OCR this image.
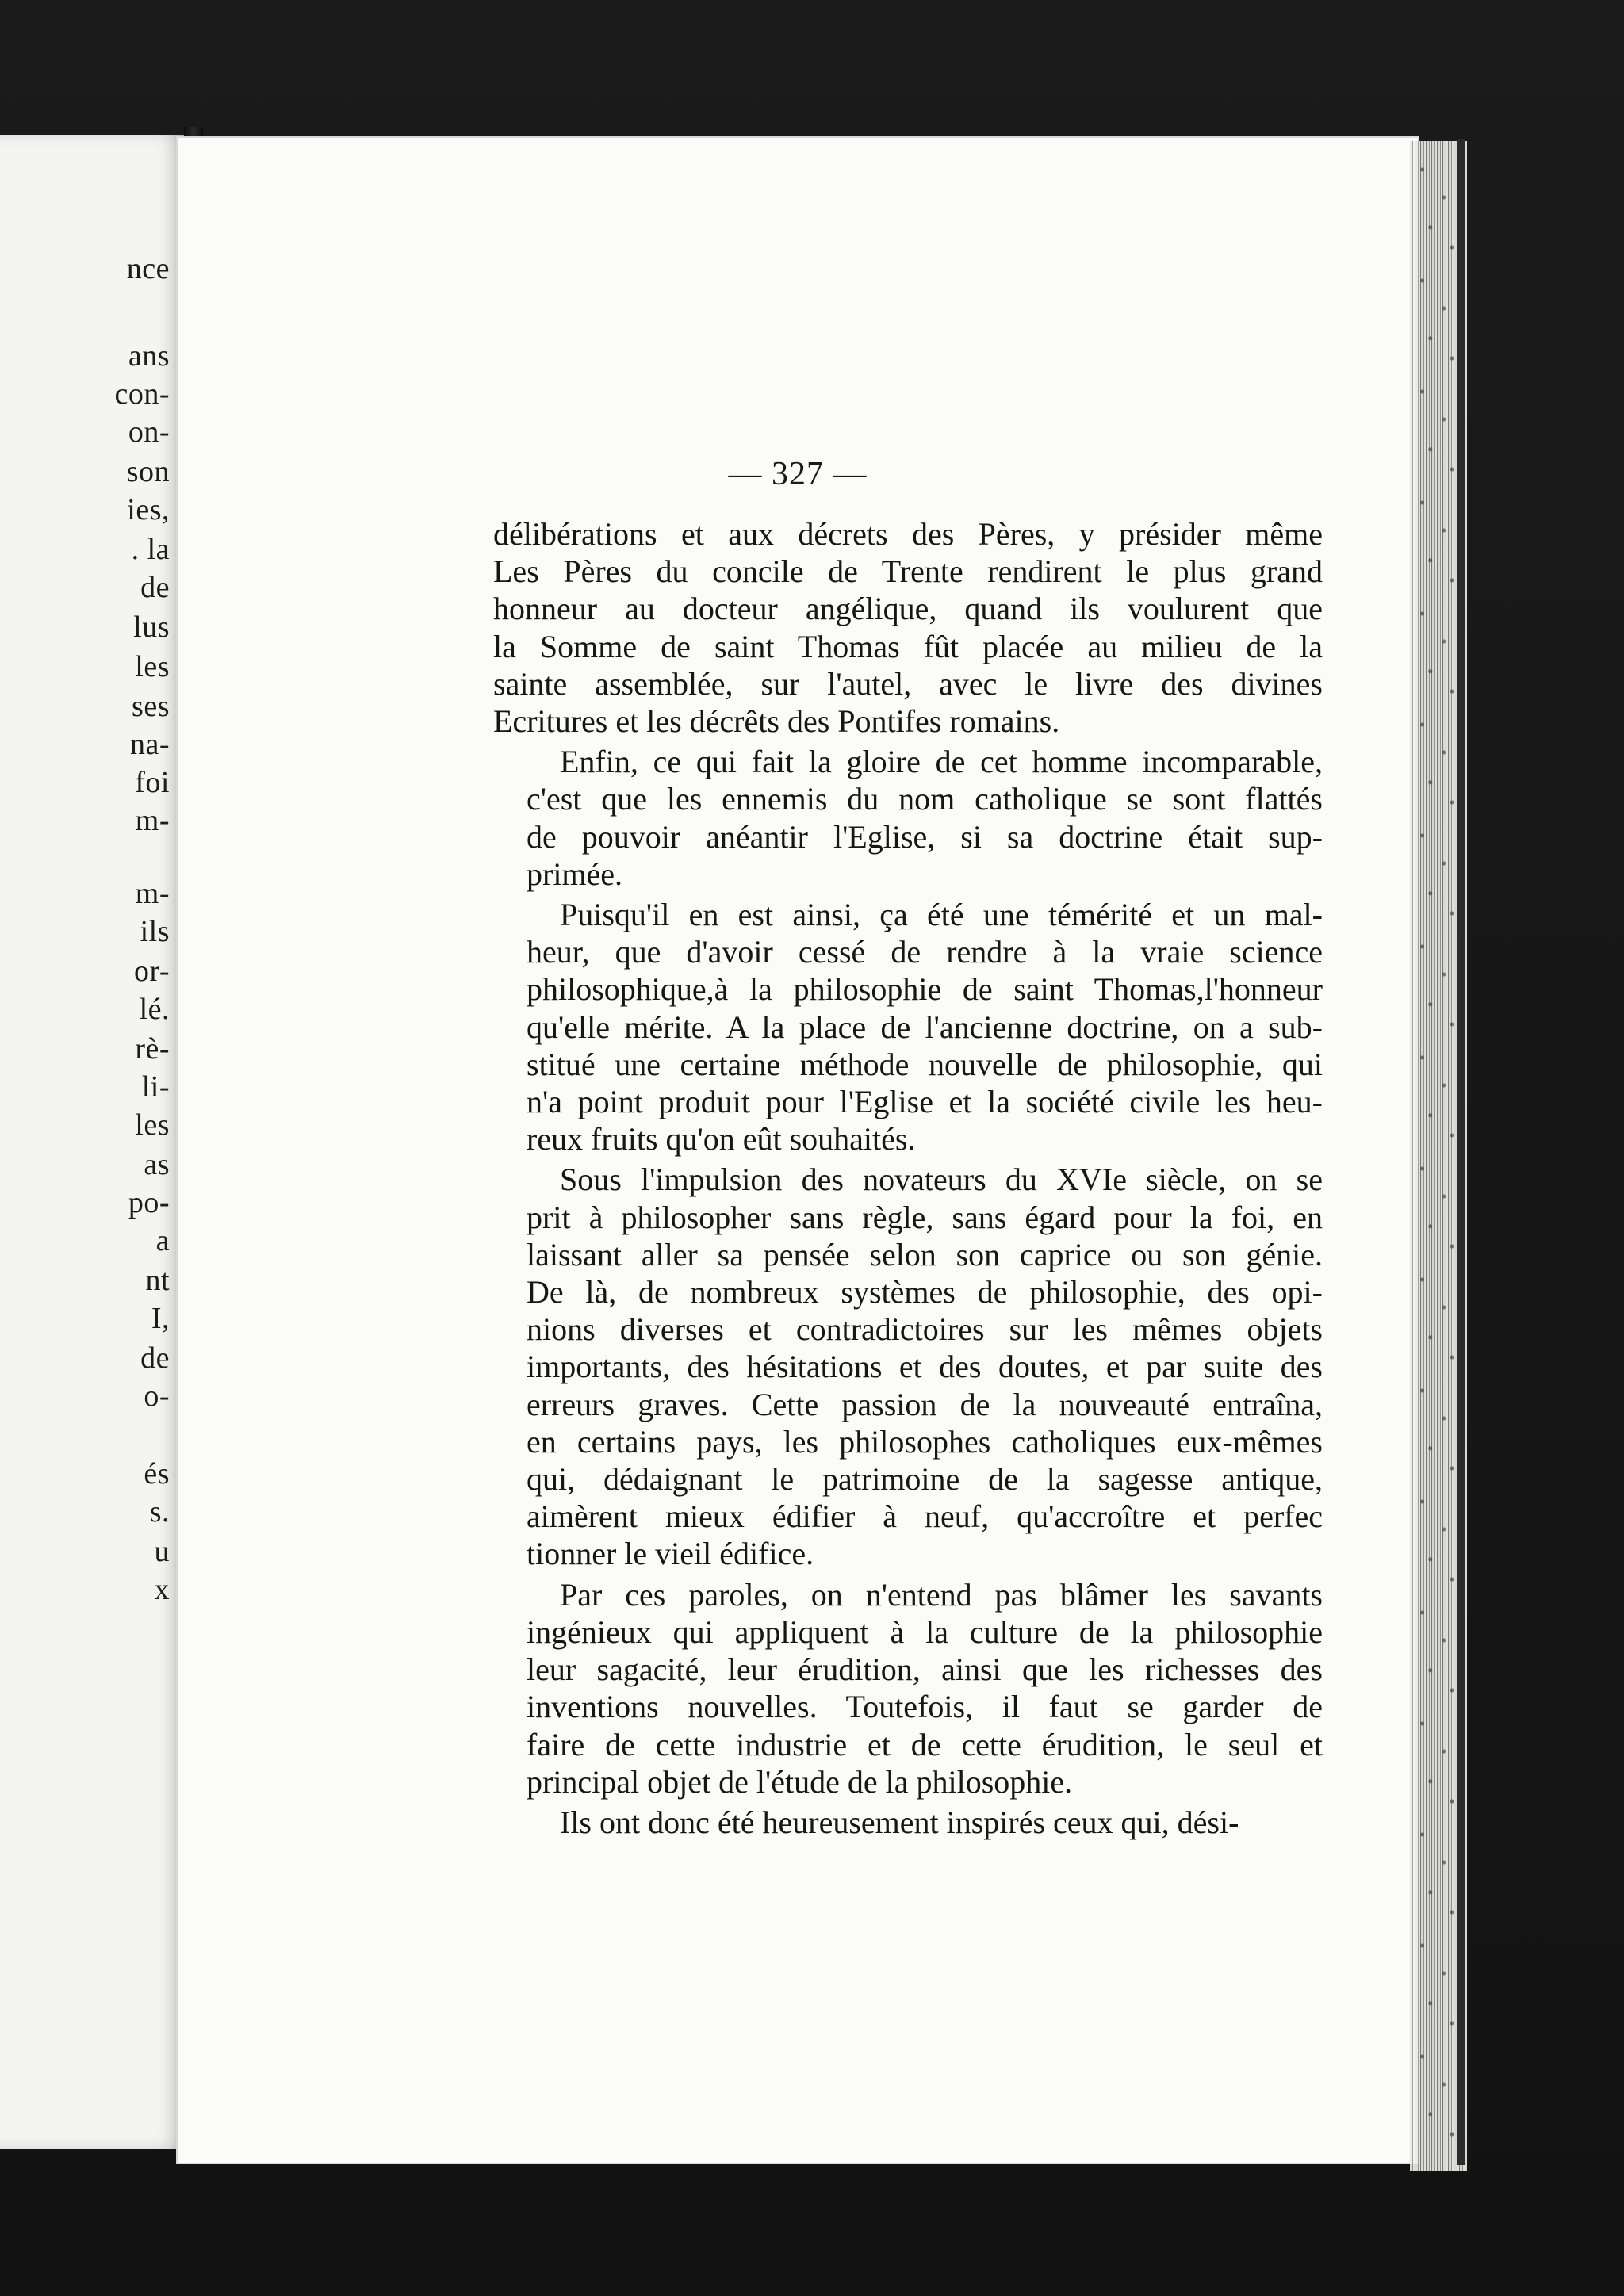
nce
ans
con-
on-
son
ies,
. la
de
lus
les
ses
na-
foi
m-
m-
ils
or-
lé.
rè-
li-
les
as
po-
a
nt
I,
de
o-
és
s.
u
x
— 327 —

délibérations et aux décrets des Pères, y présider même
Les Pères du concile de Trente rendirent le plus grand
honneur au docteur angélique, quand ils voulurent que
la Somme de saint Thomas fût placée au milieu de la
sainte assemblée, sur l'autel, avec le livre des divines
Ecritures et les décrêts des Pontifes romains.

Enfin, ce qui fait la gloire de cet homme incomparable,
c'est que les ennemis du nom catholique se sont flattés
de pouvoir anéantir l'Eglise, si sa doctrine était sup-
primée.

Puisqu'il en est ainsi, ça été une témérité et un mal-
heur, que d'avoir cessé de rendre à la vraie science
philosophique,à la philosophie de saint Thomas,l'honneur
qu'elle mérite. A la place de l'ancienne doctrine, on a sub-
stitué une certaine méthode nouvelle de philosophie, qui
n'a point produit pour l'Eglise et la société civile les heu-
reux fruits qu'on eût souhaités.

Sous l'impulsion des novateurs du XVIe siècle, on se
prit à philosopher sans règle, sans égard pour la foi, en
laissant aller sa pensée selon son caprice ou son génie.
De là, de nombreux systèmes de philosophie, des opi-
nions diverses et contradictoires sur les mêmes objets
importants, des hésitations et des doutes, et par suite des
erreurs graves. Cette passion de la nouveauté entraîna,
en certains pays, les philosophes catholiques eux-mêmes
qui, dédaignant le patrimoine de la sagesse antique,
aimèrent mieux édifier à neuf, qu'accroître et perfec
tionner le vieil édifice.

Par ces paroles, on n'entend pas blâmer les savants
ingénieux qui appliquent à la culture de la philosophie
leur sagacité, leur érudition, ainsi que les richesses des
inventions nouvelles. Toutefois, il faut se garder de
faire de cette industrie et de cette érudition, le seul et
principal objet de l'étude de la philosophie.

Ils ont donc été heureusement inspirés ceux qui, dési-
